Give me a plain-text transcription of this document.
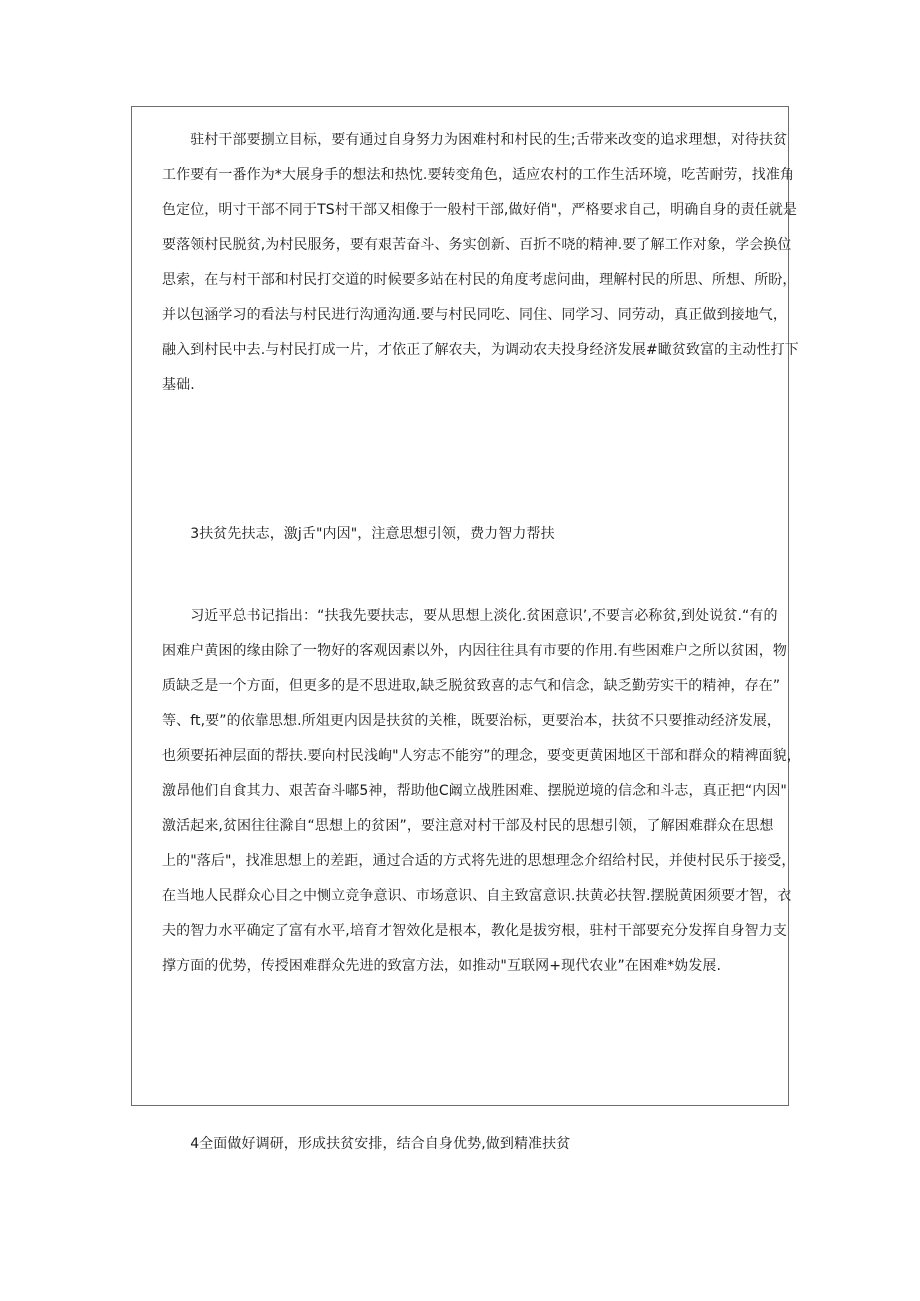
　　驻村干部要捌立目标，要有通过自身努力为困难村和村民的生;舌带来改变的追求理想，对待扶贫
工作要有一番作为*大展身手的想法和热忱.要转变角色，适应农村的工作生活环境，吃苦耐劳，找准角
色定位，明寸干部不同于TS村干部又相像于一般村干部,做好俏"，严格要求自己，明确自身的责任就是
要落领村民脱贫,为村民服务，要有艰苦奋斗、务实创新、百折不哓的精神.要了解工作对象，学会换位
思索，在与村干部和村民打交道的时候要多站在村民的角度考虑问曲，理解村民的所思、所想、所盼，
并以包涵学习的看法与村民进行沟通沟通.要与村民同吃、同住、同学习、同劳动，真正做到接地气，
融入到村民中去.与村民打成一片，才依正了解农夫，为调动农夫投身经济发展#瞰贫致富的主动性打下
基础.
　　3扶贫先扶志，激j舌"内因"，注意思想引领，费力智力帮扶
　　习近平总书记指出：“扶我先要扶志，要从思想上淡化.贫困意识’,不要言必称贫,到处说贫.“有的
困难户黄困的缘由除了一物好的客观因素以外，内因往往具有市要的作用.有些困难户之所以贫困，物
质缺乏是一个方面，但更多的是不思进取,缺乏脱贫致喜的志气和信念，缺乏勤劳实干的精神，存在”
等、ft,要”的依靠思想.所俎更内因是扶贫的关椎，既要治标，更要治本，扶贫不只要推动经济发展，
也须要拓神层面的帮扶.要向村民浅峋"人穷志不能穷”的理念，要变更黄困地区干部和群众的精裨面貌，
激昂他们自食其力、艰苦奋斗嘟5神，帮助他C阚立战胜困难、摆脱逆境的信念和斗志，真正把“内因"
激活起来,贫困往往滁自“思想上的贫困”，要注意对村干部及村民的思想引领，了解困难群众在思想
上的"落后"，找准思想上的差距，通过合适的方式将先进的思想理念介绍给村民，并使村民乐于接受，
在当地人民群众心目之中恻立竞争意识、市场意识、自主致富意识.扶黄必扶智.摆脱黄困须要才智，衣
夫的智力水平确定了富有水平,培育才智效化是根本，教化是拔穷根，驻村干部要充分发挥自身智力支
撑方面的优势，传授困难群众先进的致富方法，如推动"互联网+现代农业”在困难*妫发展.
　　4全面做好调研，形成扶贫安排，结合自身优势,做到精准扶贫
